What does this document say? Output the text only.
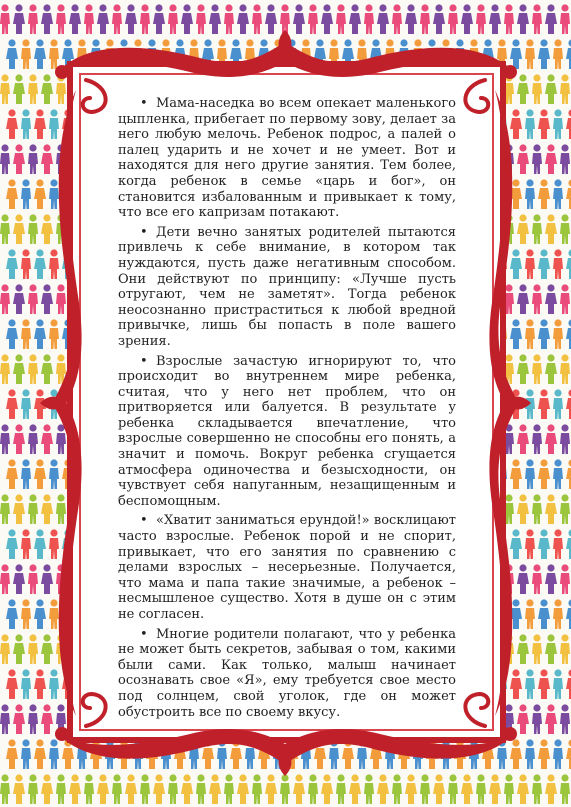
• Мама-наседка во всем опекает маленького цыпленка, прибегает по первому зову, делает за него любую мелочь. Ребенок подрос, а палей о палец ударить и не хочет и не умеет. Вот и находятся для него другие занятия. Тем более, когда ребенок в семье «царь и бог», он становится избалованным и привыкает к тому, что все его капризам потакают.

• Дети вечно занятых родителей пытаются привлечь к себе внимание, в котором так нуждаются, пусть даже негативным способом. Они действуют по принципу: «Лучше пусть отругают, чем не заметят». Тогда ребенок неосознанно пристраститься к любой вредной привычке, лишь бы попасть в поле вашего зрения.

• Взрослые зачастую игнорируют то, что происходит во внутреннем мире ребенка, считая, что у него нет проблем, что он притворяется или балуется. В результате у ребенка складывается впечатление, что взрослые совершенно не способны его понять, а значит и помочь. Вокруг ребенка сгущается атмосфера одиночества и безысходности, он чувствует себя напуганным, незащищенным и беспомощным.

• «Хватит заниматься ерундой!» восклицают часто взрослые. Ребенок порой и не спорит, привыкает, что его занятия по сравнению с делами взрослых – несерьезные. Получается, что мама и папа такие значимые, а ребенок – несмышленое существо. Хотя в душе он с этим не согласен.

• Многие родители полагают, что у ребенка не может быть секретов, забывая о том, какими были сами. Как только, малыш начинает осознавать свое «Я», ему требуется свое место под солнцем, свой уголок, где он может обустроить все по своему вкусу.
